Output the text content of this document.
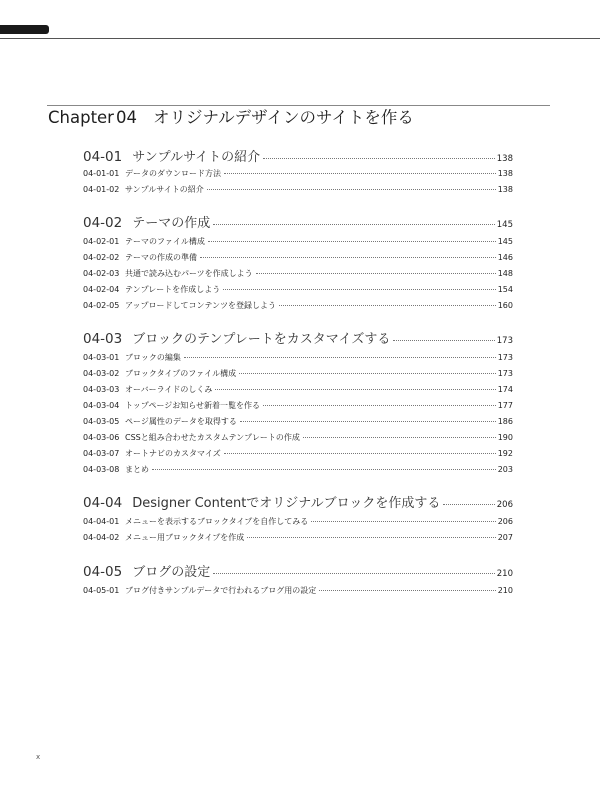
Chapter 04 オリジナルデザインのサイトを作る
04-01 サンプルサイトの紹介	138
04-01-01 データのダウンロード方法	138
04-01-02 サンプルサイトの紹介	138
04-02 テーマの作成	145
04-02-01 テーマのファイル構成	145
04-02-02 テーマの作成の準備	146
04-02-03 共通で読み込むパーツを作成しよう	148
04-02-04 テンプレートを作成しよう	154
04-02-05 アップロードしてコンテンツを登録しよう	160
04-03 ブロックのテンプレートをカスタマイズする	173
04-03-01 ブロックの編集	173
04-03-02 ブロックタイプのファイル構成	173
04-03-03 オーバーライドのしくみ	174
04-03-04 トップページお知らせ新着一覧を作る	177
04-03-05 ページ属性のデータを取得する	186
04-03-06 CSSと組み合わせたカスタムテンプレートの作成	190
04-03-07 オートナビのカスタマイズ	192
04-03-08 まとめ	203
04-04 Designer Contentでオリジナルブロックを作成する	206
04-04-01 メニューを表示するブロックタイプを自作してみる	206
04-04-02 メニュー用ブロックタイプを作成	207
04-05 ブログの設定	210
04-05-01 ブログ付きサンプルデータで行われるブログ用の設定	210
x
